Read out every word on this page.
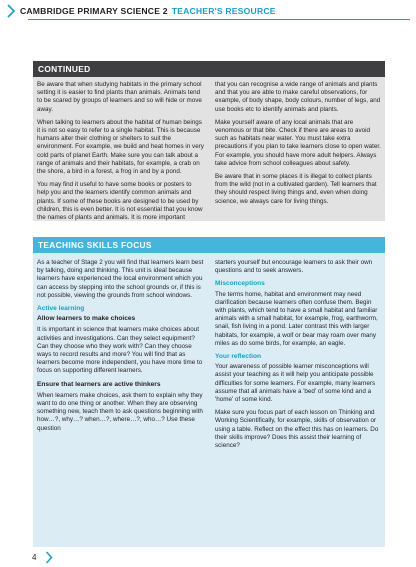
CAMBRIDGE PRIMARY SCIENCE 2 TEACHER'S RESOURCE
CONTINUED

Be aware that when studying habitats in the primary school setting it is easier to find plants than animals. Animals tend to be scared by groups of learners and so will hide or move away.

When talking to learners about the habitat of human beings it is not so easy to refer to a single habitat. This is because humans alter their clothing or shelters to suit the environment. For example, we build and heat homes in very cold parts of planet Earth. Make sure you can talk about a range of animals and their habitats, for example, a crab on the shore, a bird in a forest, a frog in and by a pond.

You may find it useful to have some books or posters to help you and the learners identify common animals and plants. If some of these books are designed to be used by children, this is even better. It is not essential that you know the names of plants and animals. It is more important

that you can recognise a wide range of animals and plants and that you are able to make careful observations, for example, of body shape, body colours, number of legs, and use books etc to identify animals and plants.

Make yourself aware of any local animals that are venomous or that bite. Check if there are areas to avoid such as habitats near water. You must take extra precautions if you plan to take learners close to open water. For example, you should have more adult helpers. Always take advice from school colleagues about safety.

Be aware that in some places it is illegal to collect plants from the wild (not in a cultivated garden). Tell learners that they should respect living things and, even when doing science, we always care for living things.

TEACHING SKILLS FOCUS

As a teacher of Stage 2 you will find that learners learn best by talking, doing and thinking. This unit is ideal because learners have experienced the local environment which you can access by stepping into the school grounds or, if this is not possible, viewing the grounds from school windows.

Active learning
Allow learners to make choices

It is important in science that learners make choices about activities and investigations. Can they select equipment? Can they choose who they work with? Can they choose ways to record results and more? You will find that as learners become more independent, you have more time to focus on supporting different learners.

Ensure that learners are active thinkers

When learners make choices, ask them to explain why they want to do one thing or another. When they are observing something new, teach them to ask questions beginning with how…?, why…? when…?, where…?, who…? Use these question

starters yourself but encourage learners to ask their own questions and to seek answers.

Misconceptions

The terms home, habitat and environment may need clarification because learners often confuse them. Begin with plants, which tend to have a small habitat and familiar animals with a small habitat, for example, frog, earthworm, snail, fish living in a pond. Later contrast this with larger habitats, for example, a wolf or bear may roam over many miles as do some birds, for example, an eagle.

Your reflection

Your awareness of possible learner misconceptions will assist your teaching as it will help you anticipate possible difficulties for some learners. For example, many learners assume that all animals have a 'bed' of some kind and a 'home' of some kind.

Make sure you focus part of each lesson on Thinking and Working Scientifically, for example, skills of observation or using a table. Reflect on the effect this has on learners. Do their skills improve? Does this assist their learning of science?

4
